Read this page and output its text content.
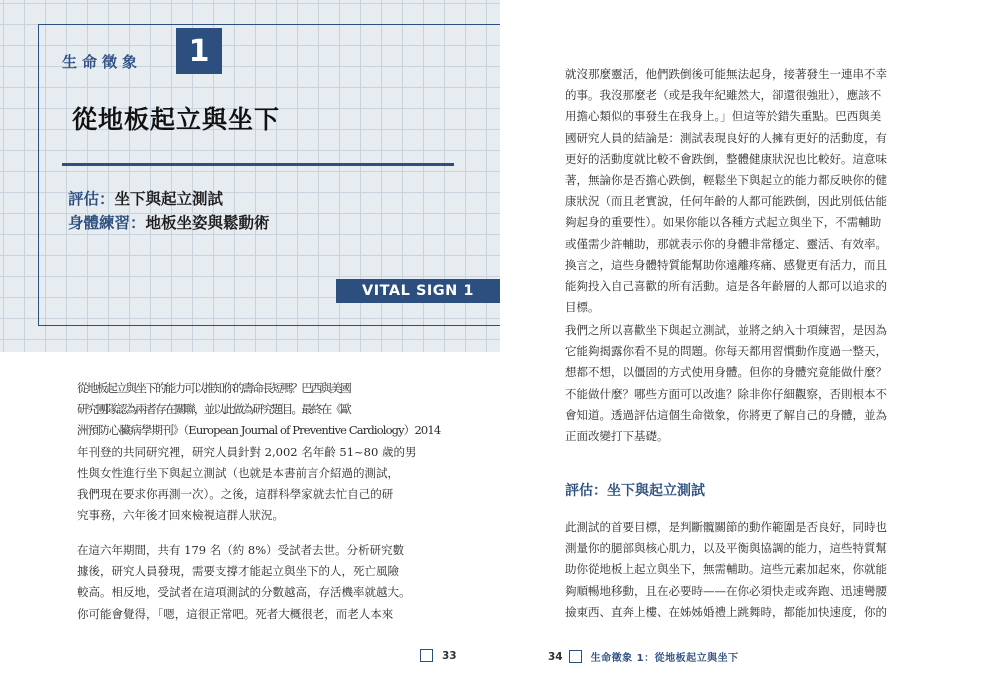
生命徵象	1
從地板起立與坐下
評估：坐下與起立測試
身體練習：地板坐姿與鬆動術
VITAL SIGN 1
從地板起立與坐下的能力可以推知你的壽命長短嗎？巴西與美國
研究團隊認為兩者存在關聯，並以此做為研究題目。最終在《歐
洲預防心臟病學期刊》（European Journal of Preventive Cardiology）2014
年刊登的共同研究裡，研究人員針對 2,002 名年齡 51~80 歲的男
性與女性進行坐下與起立測試（也就是本書前言介紹過的測試，
我們現在要求你再測一次）。之後，這群科學家就去忙自己的研
究事務，六年後才回來檢視這群人狀況。
在這六年期間，共有 179 名（約 8%）受試者去世。分析研究數
據後，研究人員發現，需要支撐才能起立與坐下的人，死亡風險
較高。相反地，受試者在這項測試的分數越高，存活機率就越大。
你可能會覺得，「嗯，這很正常吧。死者大概很老，而老人本來
就沒那麼靈活，他們跌倒後可能無法起身，接著發生一連串不幸
的事。我沒那麼老（或是我年紀雖然大，卻還很強壯），應該不
用擔心類似的事發生在我身上。」但這等於錯失重點。巴西與美
國研究人員的結論是：測試表現良好的人擁有更好的活動度，有
更好的活動度就比較不會跌倒，整體健康狀況也比較好。這意味
著，無論你是否擔心跌倒，輕鬆坐下與起立的能力都反映你的健
康狀況（而且老實說，任何年齡的人都可能跌倒，因此別低估能
夠起身的重要性）。如果你能以各種方式起立與坐下，不需輔助
或僅需少許輔助，那就表示你的身體非常穩定、靈活、有效率。
換言之，這些身體特質能幫助你遠離疼痛、感覺更有活力，而且
能夠投入自己喜歡的所有活動。這是各年齡層的人都可以追求的
目標。
我們之所以喜歡坐下與起立測試，並將之納入十項練習，是因為
它能夠揭露你看不見的問題。你每天都用習慣動作度過一整天，
想都不想，以僵固的方式使用身體。但你的身體究竟能做什麼？
不能做什麼？哪些方面可以改進？除非你仔細觀察，否則根本不
會知道。透過評估這個生命徵象，你將更了解自己的身體，並為
正面改變打下基礎。
評估：坐下與起立測試
此測試的首要目標，是判斷髖關節的動作範圍是否良好，同時也
測量你的腿部與核心肌力，以及平衡與協調的能力，這些特質幫
助你從地板上起立與坐下，無需輔助。這些元素加起來，你就能
夠順暢地移動，且在必要時——在你必須快走或奔跑、迅速彎腰
撿東西、直奔上樓、在姊姊婚禮上跳舞時，都能加快速度，你的
33	34	生命徵象 1：從地板起立與坐下
